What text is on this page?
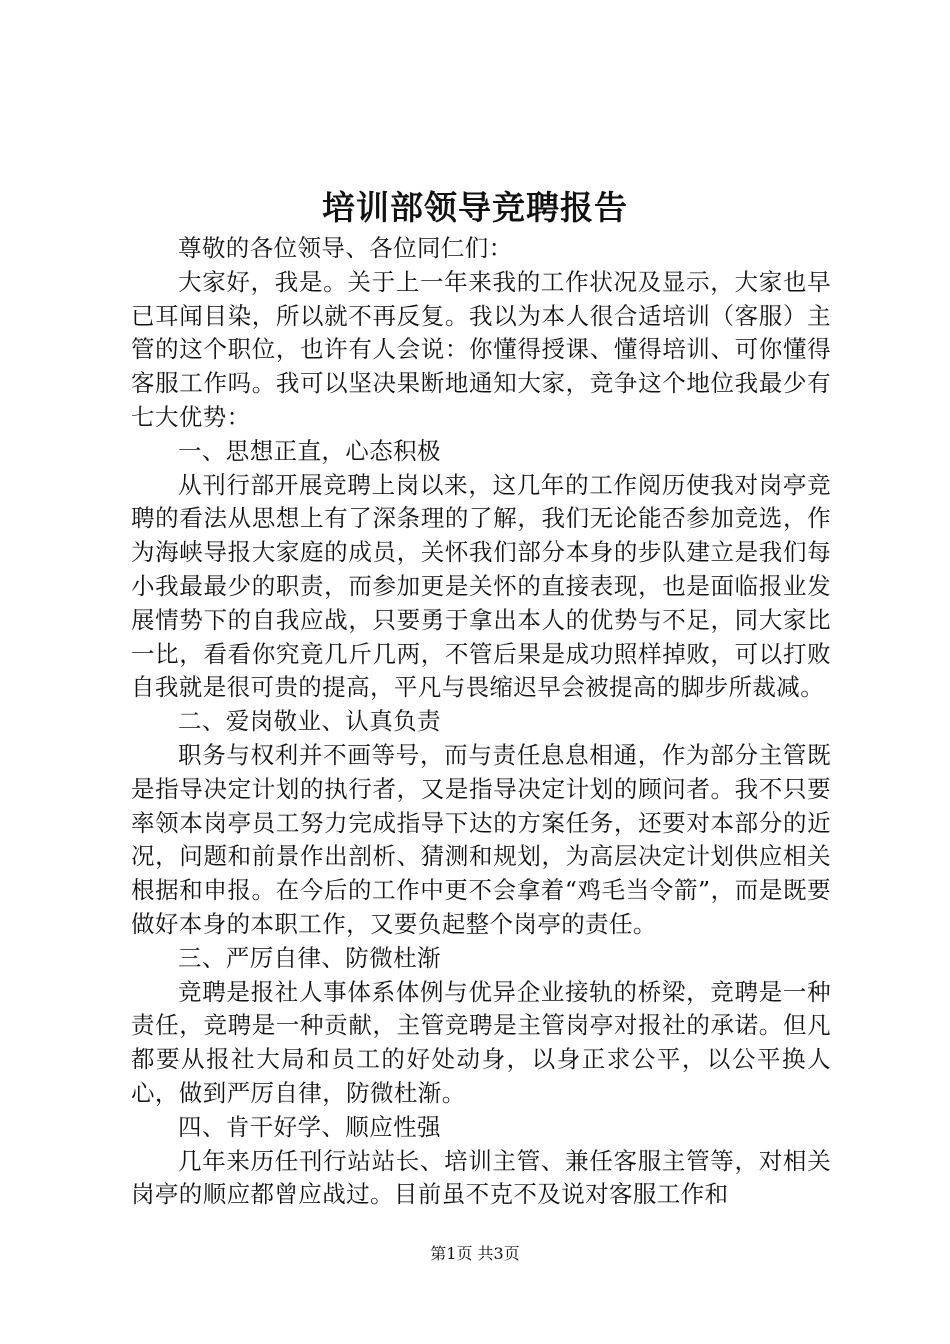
培训部领导竞聘报告

尊敬的各位领导、各位同仁们：

大家好，我是。关于上一年来我的工作状况及显示，大家也早已耳闻目染，所以就不再反复。我以为本人很合适培训（客服）主管的这个职位，也许有人会说：你懂得授课、懂得培训、可你懂得客服工作吗。我可以坚决果断地通知大家，竞争这个地位我最少有七大优势：

一、思想正直，心态积极

从刊行部开展竞聘上岗以来，这几年的工作阅历使我对岗亭竞聘的看法从思想上有了深条理的了解，我们无论能否参加竞选，作为海峡导报大家庭的成员，关怀我们部分本身的步队建立是我们每小我最最少的职责，而参加更是关怀的直接表现，也是面临报业发展情势下的自我应战，只要勇于拿出本人的优势与不足，同大家比一比，看看你究竟几斤几两，不管后果是成功照样掉败，可以打败自我就是很可贵的提高，平凡与畏缩迟早会被提高的脚步所裁减。

二、爱岗敬业、认真负责

职务与权利并不画等号，而与责任息息相通，作为部分主管既是指导决定计划的执行者，又是指导决定计划的顾问者。我不只要率领本岗亭员工努力完成指导下达的方案任务，还要对本部分的近况，问题和前景作出剖析、猜测和规划，为高层决定计划供应相关根据和申报。在今后的工作中更不会拿着“鸡毛当令箭”，而是既要做好本身的本职工作，又要负起整个岗亭的责任。

三、严厉自律、防微杜渐

竞聘是报社人事体系体例与优异企业接轨的桥梁，竞聘是一种责任，竞聘是一种贡献，主管竞聘是主管岗亭对报社的承诺。但凡都要从报社大局和员工的好处动身，以身正求公平，以公平换人心，做到严厉自律，防微杜渐。

四、肯干好学、顺应性强

几年来历任刊行站站长、培训主管、兼任客服主管等，对相关岗亭的顺应都曾应战过。目前虽不克不及说对客服工作和

第1页 共3页
